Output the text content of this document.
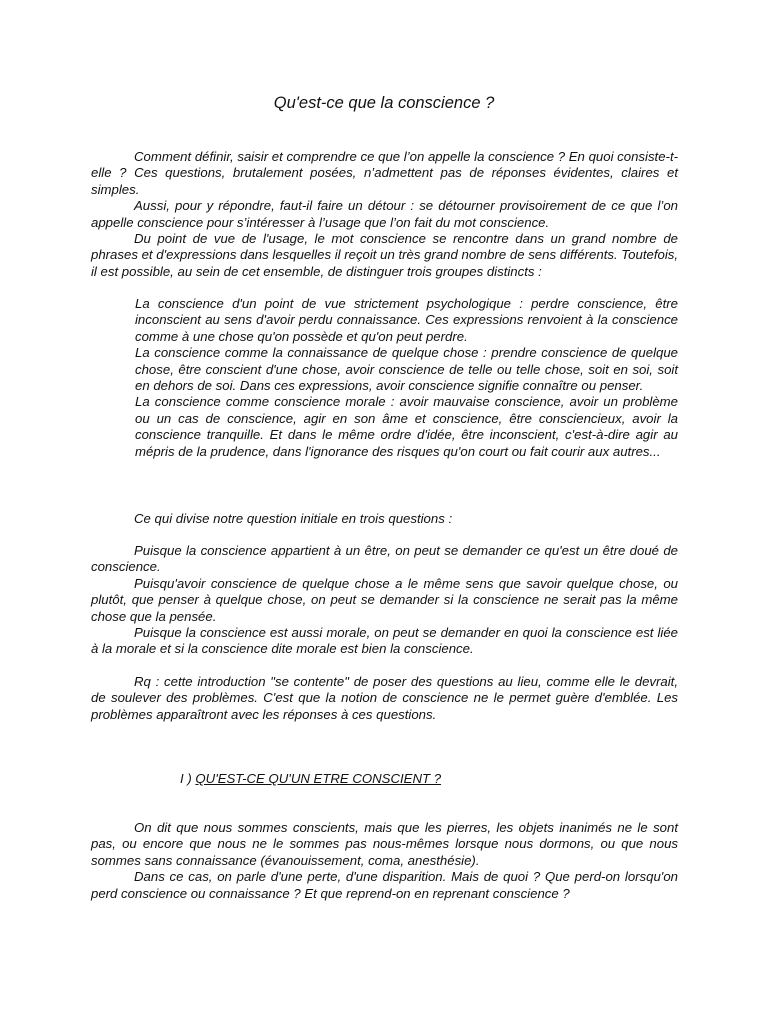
Qu'est-ce que la conscience ?

Comment définir, saisir et comprendre ce que l’on appelle la conscience ? En quoi consiste-t-elle ? Ces questions, brutalement posées, n’admettent pas de réponses évidentes, claires et simples.

Aussi, pour y répondre, faut-il faire un détour : se détourner provisoirement de ce que l’on appelle conscience pour s’intéresser à l’usage que l’on fait du mot conscience.

Du point de vue de l'usage, le mot conscience se rencontre dans un grand nombre de phrases et d'expressions dans lesquelles il reçoit un très grand nombre de sens différents. Toutefois, il est possible, au sein de cet ensemble, de distinguer trois groupes distincts :

La conscience d'un point de vue strictement psychologique : perdre conscience, être inconscient au sens d'avoir perdu connaissance. Ces expressions renvoient à la conscience comme à une chose qu'on possède et qu'on peut perdre.

La conscience comme la connaissance de quelque chose : prendre conscience de quelque chose, être conscient d'une chose, avoir conscience de telle ou telle chose, soit en soi, soit en dehors de soi. Dans ces expressions, avoir conscience signifie connaître ou penser.

La conscience comme conscience morale : avoir mauvaise conscience, avoir un problème ou un cas de conscience, agir en son âme et conscience, être consciencieux, avoir la conscience tranquille. Et dans le même ordre d'idée, être inconscient, c'est-à-dire agir au mépris de la prudence, dans l'ignorance des risques qu'on court ou fait courir aux autres...

Ce qui divise notre question initiale en trois questions :

Puisque la conscience appartient à un être, on peut se demander ce qu'est un être doué de conscience.

Puisqu'avoir conscience de quelque chose a le même sens que savoir quelque chose, ou plutôt, que penser à quelque chose, on peut se demander si la conscience ne serait pas la même chose que la pensée.

Puisque la conscience est aussi morale, on peut se demander en quoi la conscience est liée à la morale et si la conscience dite morale est bien la conscience.

Rq : cette introduction "se contente" de poser des questions au lieu, comme elle le devrait, de soulever des problèmes. C'est que la notion de conscience ne le permet guère d'emblée. Les problèmes apparaîtront avec les réponses à ces questions.

I ) QU'EST-CE QU'UN ETRE CONSCIENT ?

On dit que nous sommes conscients, mais que les pierres, les objets inanimés ne le sont pas, ou encore que nous ne le sommes pas nous-mêmes lorsque nous dormons, ou que nous sommes sans connaissance (évanouissement, coma, anesthésie).

Dans ce cas, on parle d'une perte, d'une disparition. Mais de quoi ? Que perd-on lorsqu'on perd conscience ou connaissance ? Et que reprend-on en reprenant conscience ?
